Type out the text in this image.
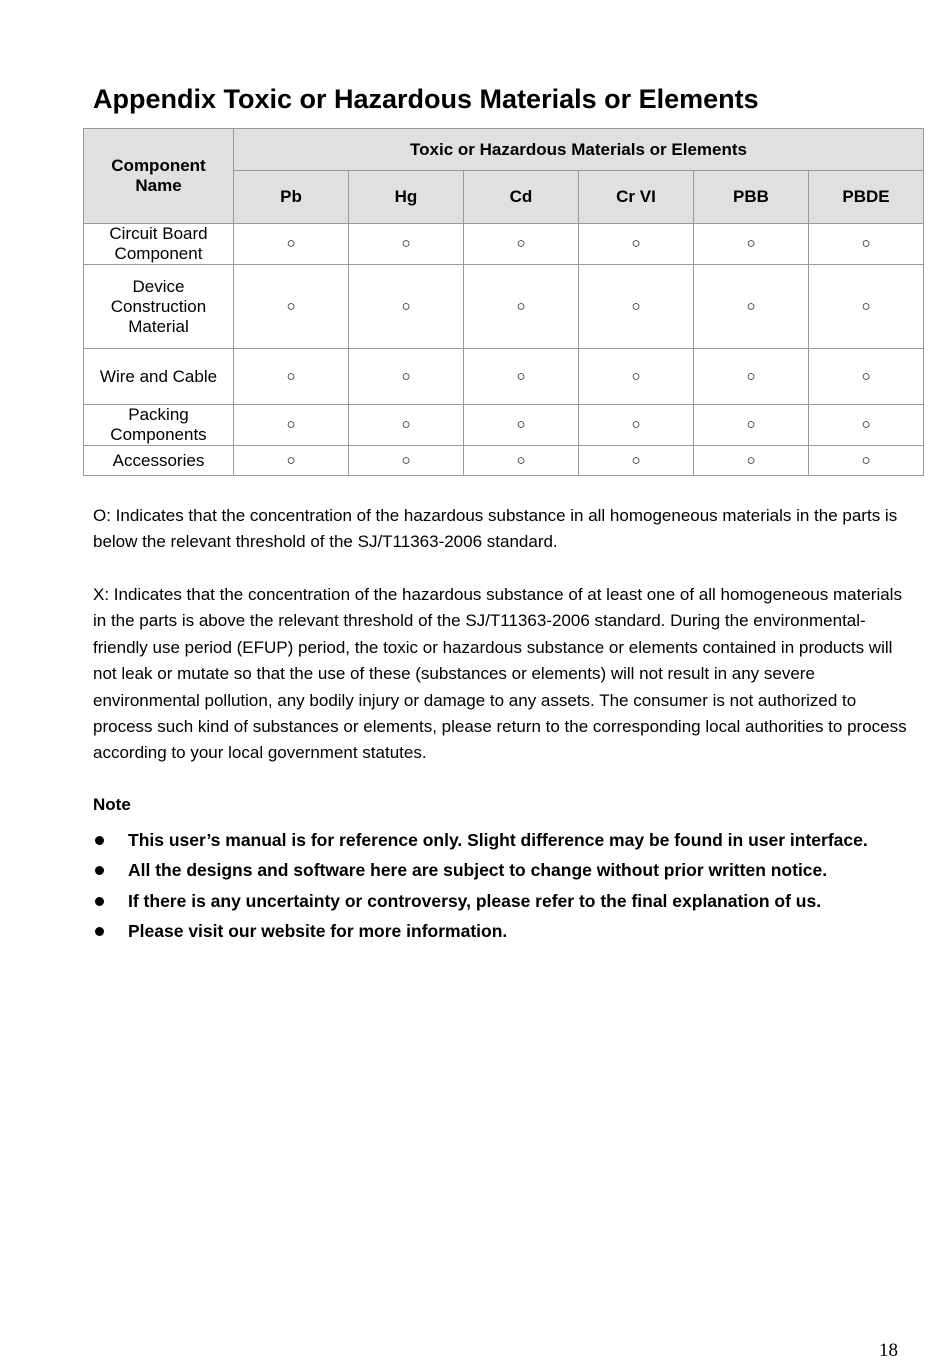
Appendix Toxic or Hazardous Materials or Elements
Component Name	Toxic or Hazardous Materials or Elements					
	Pb	Hg	Cd	Cr VI	PBB	PBDE
Circuit Board Component	○	○	○	○	○	○
Device Construction Material	○	○	○	○	○	○
Wire and Cable	○	○	○	○	○	○
Packing Components	○	○	○	○	○	○
Accessories	○	○	○	○	○	○

O: Indicates that the concentration of the hazardous substance in all homogeneous materials in the parts is below the relevant threshold of the SJ/T11363-2006 standard.

X: Indicates that the concentration of the hazardous substance of at least one of all homogeneous materials in the parts is above the relevant threshold of the SJ/T11363-2006 standard. During the environmental-friendly use period (EFUP) period, the toxic or hazardous substance or elements contained in products will not leak or mutate so that the use of these (substances or elements) will not result in any severe environmental pollution, any bodily injury or damage to any assets. The consumer is not authorized to process such kind of substances or elements, please return to the corresponding local authorities to process according to your local government statutes.

Note

This user’s manual is for reference only. Slight difference may be found in user interface.
All the designs and software here are subject to change without prior written notice.
If there is any uncertainty or controversy, please refer to the final explanation of us.
Please visit our website for more information.
18
